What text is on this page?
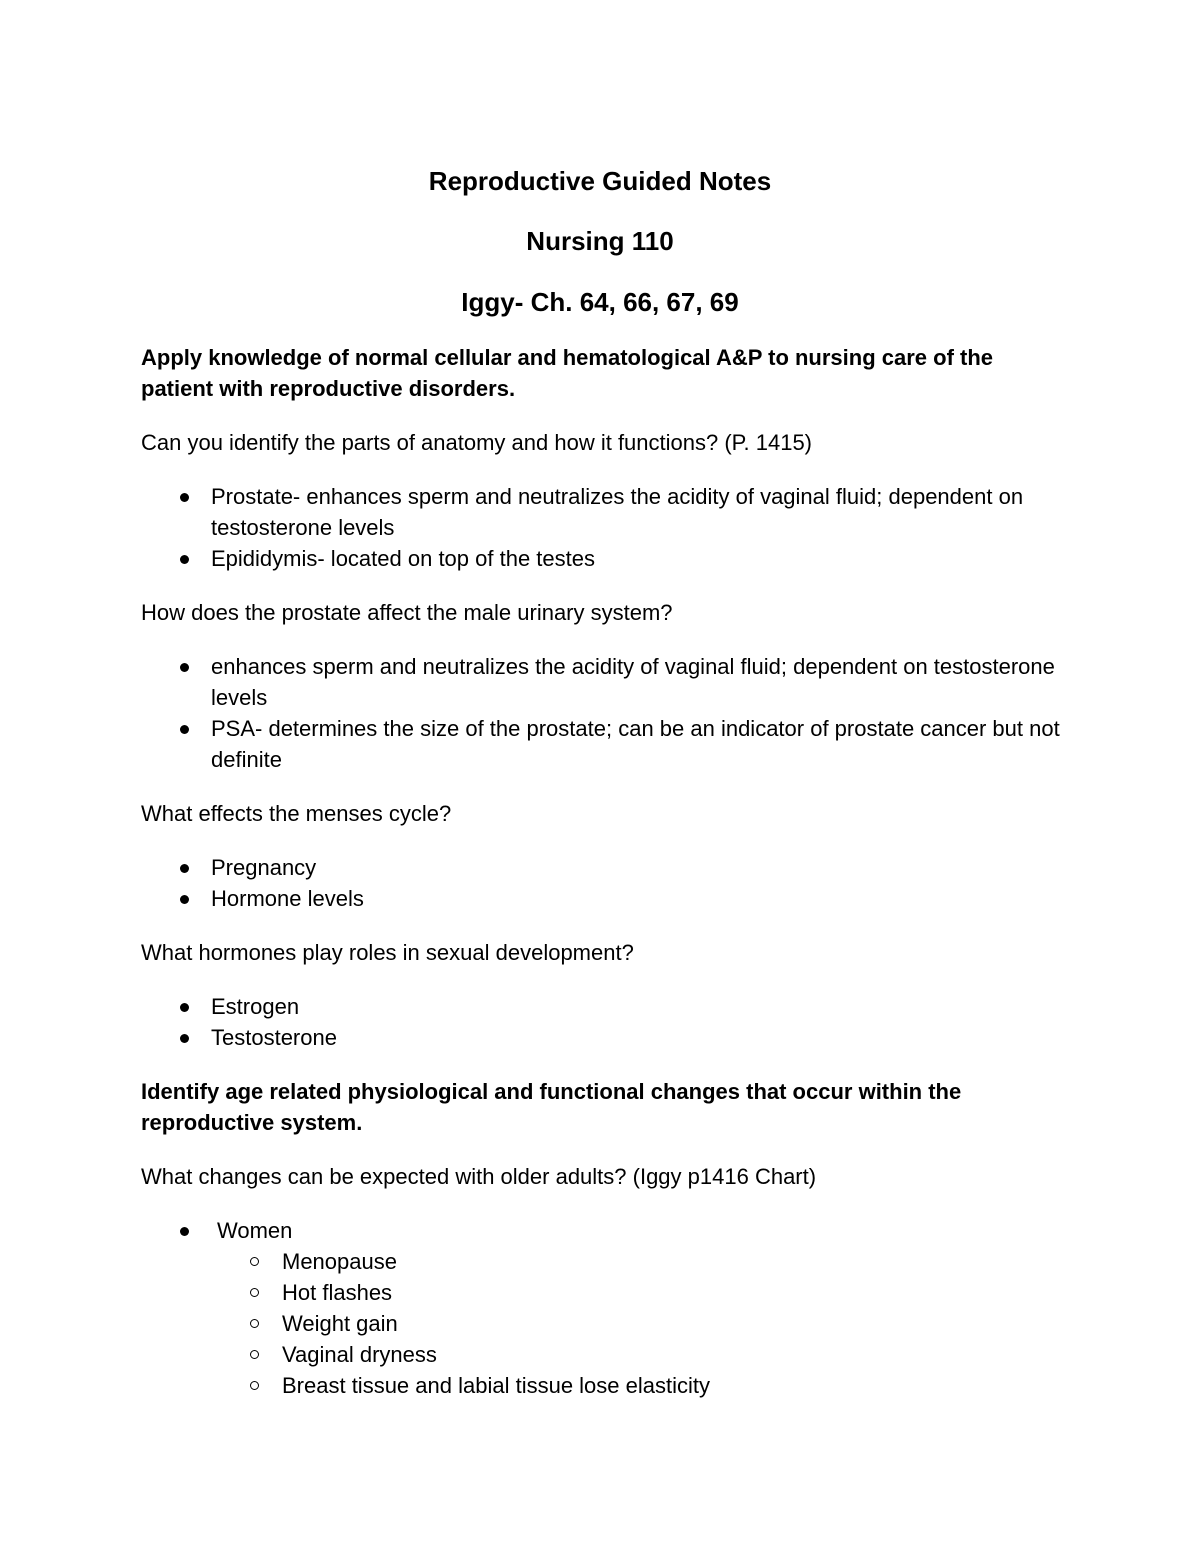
Reproductive Guided Notes
Nursing 110
Iggy- Ch. 64, 66, 67, 69

Apply knowledge of normal cellular and hematological A&P to nursing care of the patient with reproductive disorders.

Can you identify the parts of anatomy and how it functions? (P. 1415)

Prostate- enhances sperm and neutralizes the acidity of vaginal fluid; dependent on testosterone levels
Epididymis- located on top of the testes

How does the prostate affect the male urinary system?

enhances sperm and neutralizes the acidity of vaginal fluid; dependent on testosterone levels
PSA- determines the size of the prostate; can be an indicator of prostate cancer but not definite

What effects the menses cycle?

Pregnancy
Hormone levels

What hormones play roles in sexual development?

Estrogen
Testosterone

Identify age related physiological and functional changes that occur within the reproductive system.

What changes can be expected with older adults? (Iggy p1416 Chart)

Women
Menopause
Hot flashes
Weight gain
Vaginal dryness
Breast tissue and labial tissue lose elasticity
